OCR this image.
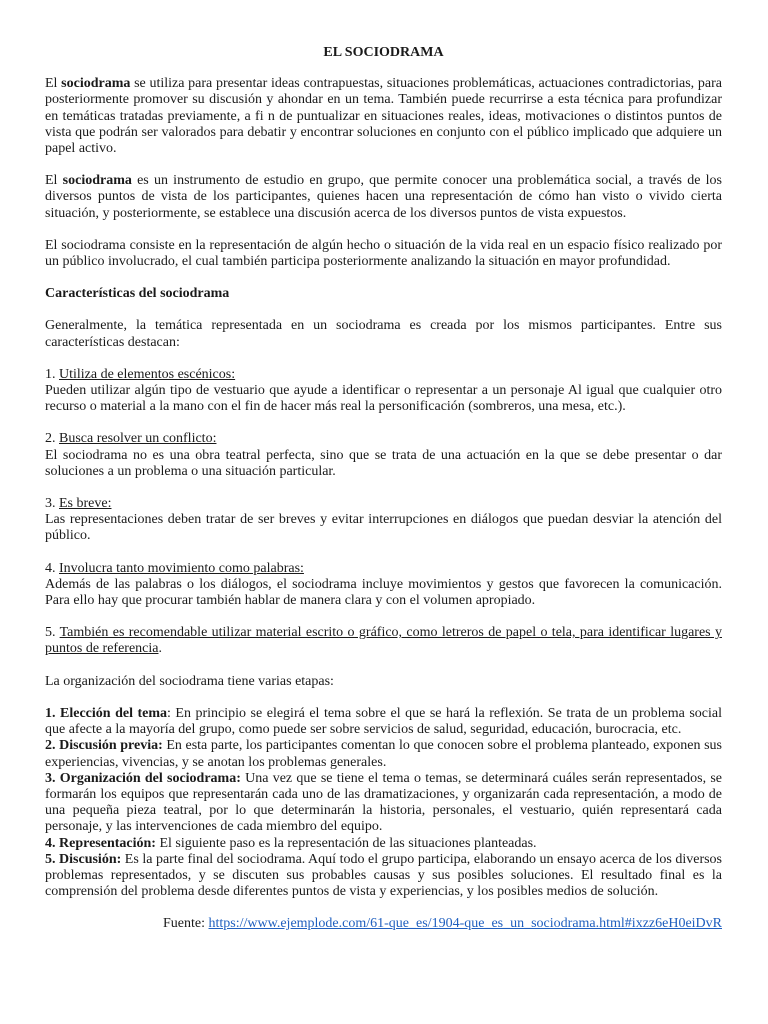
EL SOCIODRAMA

El sociodrama se utiliza para presentar ideas contrapuestas, situaciones problemáticas, actuaciones contradictorias, para posteriormente promover su discusión y ahondar en un tema. También puede recurrirse a esta técnica para profundizar en temáticas tratadas previamente, a fi n de puntualizar en situaciones reales, ideas, motivaciones o distintos puntos de vista que podrán ser valorados para debatir y encontrar soluciones en conjunto con el público implicado que adquiere un papel activo.

El sociodrama es un instrumento de estudio en grupo, que permite conocer una problemática social, a través de los diversos puntos de vista de los participantes, quienes hacen una representación de cómo han visto o vivido cierta situación, y posteriormente, se establece una discusión acerca de los diversos puntos de vista expuestos.

El sociodrama consiste en la representación de algún hecho o situación de la vida real en un espacio físico realizado por un público involucrado, el cual también participa posteriormente analizando la situación en mayor profundidad.

Características del sociodrama

Generalmente, la temática representada en un sociodrama es creada por los mismos participantes. Entre sus características destacan:

1. Utiliza de elementos escénicos:

Pueden utilizar algún tipo de vestuario que ayude a identificar o representar a un personaje Al igual que cualquier otro recurso o material a la mano con el fin de hacer más real la personificación (sombreros, una mesa, etc.).

2. Busca resolver un conflicto:

El sociodrama no es una obra teatral perfecta, sino que se trata de una actuación en la que se debe presentar o dar soluciones a un problema o una situación particular.

3. Es breve:

Las representaciones deben tratar de ser breves y evitar interrupciones en diálogos que puedan desviar la atención del público.

4. Involucra tanto movimiento como palabras:

Además de las palabras o los diálogos, el sociodrama incluye movimientos y gestos que favorecen la comunicación. Para ello hay que procurar también hablar de manera clara y con el volumen apropiado.

5. También es recomendable utilizar material escrito o gráfico, como letreros de papel o tela, para identificar lugares y puntos de referencia.

La organización del sociodrama tiene varias etapas:

1. Elección del tema: En principio se elegirá el tema sobre el que se hará la reflexión. Se trata de un problema social que afecte a la mayoría del grupo, como puede ser sobre servicios de salud, seguridad, educación, burocracia, etc.

2. Discusión previa: En esta parte, los participantes comentan lo que conocen sobre el problema planteado, exponen sus experiencias, vivencias, y se anotan los problemas generales.

3. Organización del sociodrama: Una vez que se tiene el tema o temas, se determinará cuáles serán representados, se formarán los equipos que representarán cada uno de las dramatizaciones, y organizarán cada representación, a modo de una pequeña pieza teatral, por lo que determinarán la historia, personales, el vestuario, quién representará cada personaje, y las intervenciones de cada miembro del equipo.

4. Representación: El siguiente paso es la representación de las situaciones planteadas.

5. Discusión: Es la parte final del sociodrama. Aquí todo el grupo participa, elaborando un ensayo acerca de los diversos problemas representados, y se discuten sus probables causas y sus posibles soluciones. El resultado final es la comprensión del problema desde diferentes puntos de vista y experiencias, y los posibles medios de solución.

Fuente: https://www.ejemplode.com/61-que_es/1904-que_es_un_sociodrama.html#ixzz6eH0eiDvR
